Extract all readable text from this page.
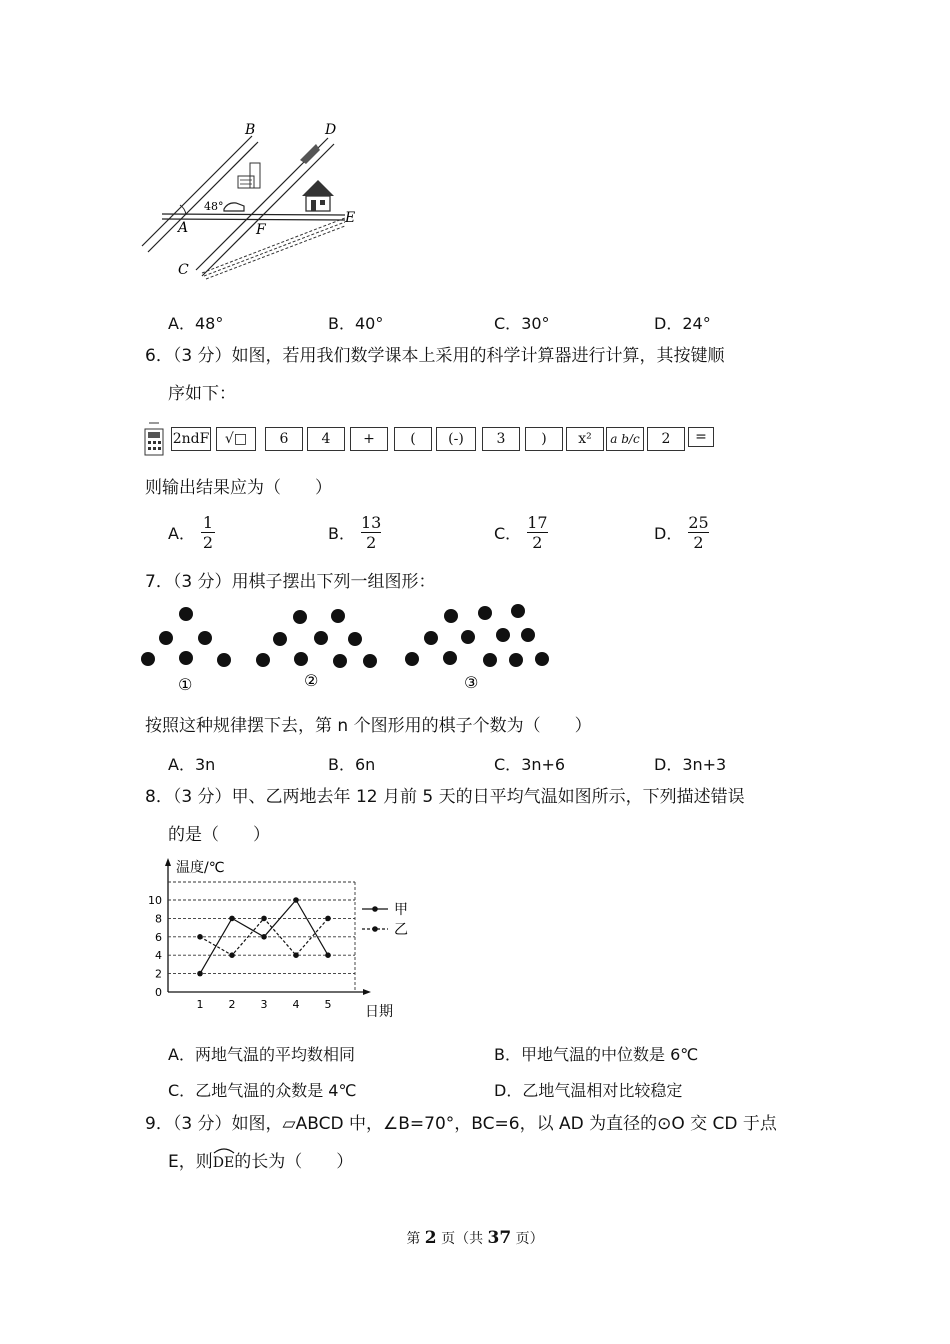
48°
B	D
A	F
E
C
A．48°	B．40°	C．30°	D．24°
6．（3 分）如图，若用我们数学课本上采用的科学计算器进行计算，其按键顺
序如下：
2ndF	√□	6	4	+	(	(-)	3	)	x²	a b/c	2	=
则输出结果应为（　　）
A． $\frac{1}{2}$	B． $\frac{13}{2}$	C． $\frac{17}{2}$	D． $\frac{25}{2}$
7．（3 分）用棋子摆出下列一组图形：
①	②	③
按照这种规律摆下去，第 n 个图形用的棋子个数为（　　）
A．3n	B．6n	C．3n+6	D．3n+3
8．（3 分）甲、乙两地去年 12 月前 5 天的日平均气温如图所示，下列描述错误
的是（　　）
0
2
4
6
8
10
1 2 3 4 5
温度/℃
日期
甲
乙
A．两地气温的平均数相同	B．甲地气温的中位数是 6℃
C．乙地气温的众数是 4℃	D．乙地气温相对比较稳定
9．（3 分）如图，▱ABCD 中，∠B=70°，BC=6，以 AD 为直径的⊙O 交 CD 于点
E，则
DE的长为（　　）
第 2 页（共 37 页）
